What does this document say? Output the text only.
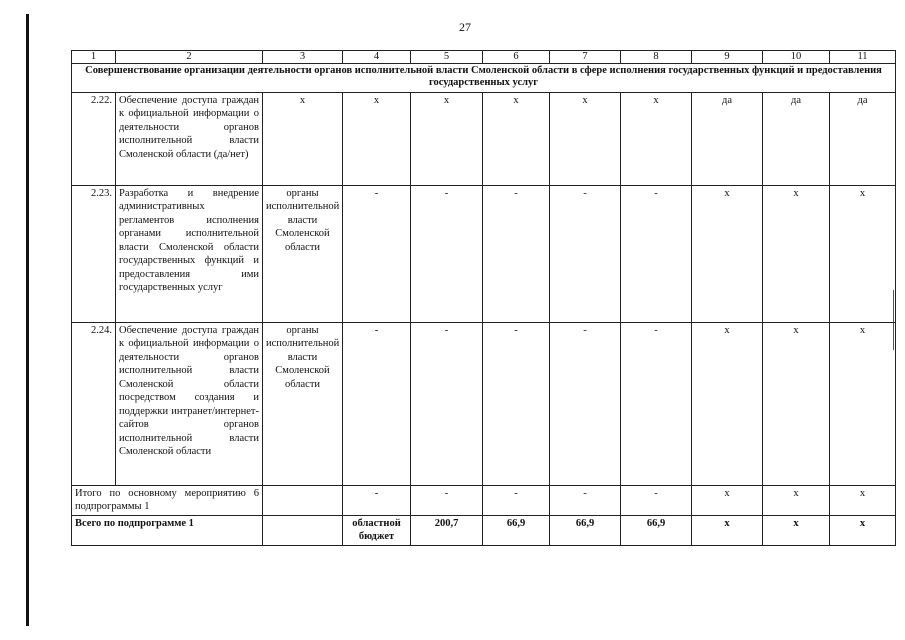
27
1	2	3	4	5	6	7	8	9	10	11
Совершенствование организации деятельности органов исполнительной власти Смоленской области в сфере исполнения государственных функций и предоставления государственных услуг										
2.22.	Обеспечение доступа граждан к официальной информации о деятельности органов исполнительной власти Смоленской области (да/нет)	х	х	х	х	х	х	да	да	да
2.23.	Разработка и внедрение административных регламентов исполнения органами исполнительной власти Смоленской области государственных функций и предоставления ими государственных услуг	органы исполнительной власти Смоленской области	-	-	-	-	-	х	х	х
2.24.	Обеспечение доступа граждан к официальной информации о деятельности органов исполнительной власти Смоленской области посредством создания и поддержки интранет/интернет-сайтов органов исполнительной власти Смоленской области	органы исполнительной власти Смоленской области	-	-	-	-	-	х	х	х
Итого по основному мероприятию 6 подпрограммы 1			-	-	-	-	-	х	х	х
Всего по подпрограмме 1			областной бюджет	200,7	66,9	66,9	66,9	х	х	х
